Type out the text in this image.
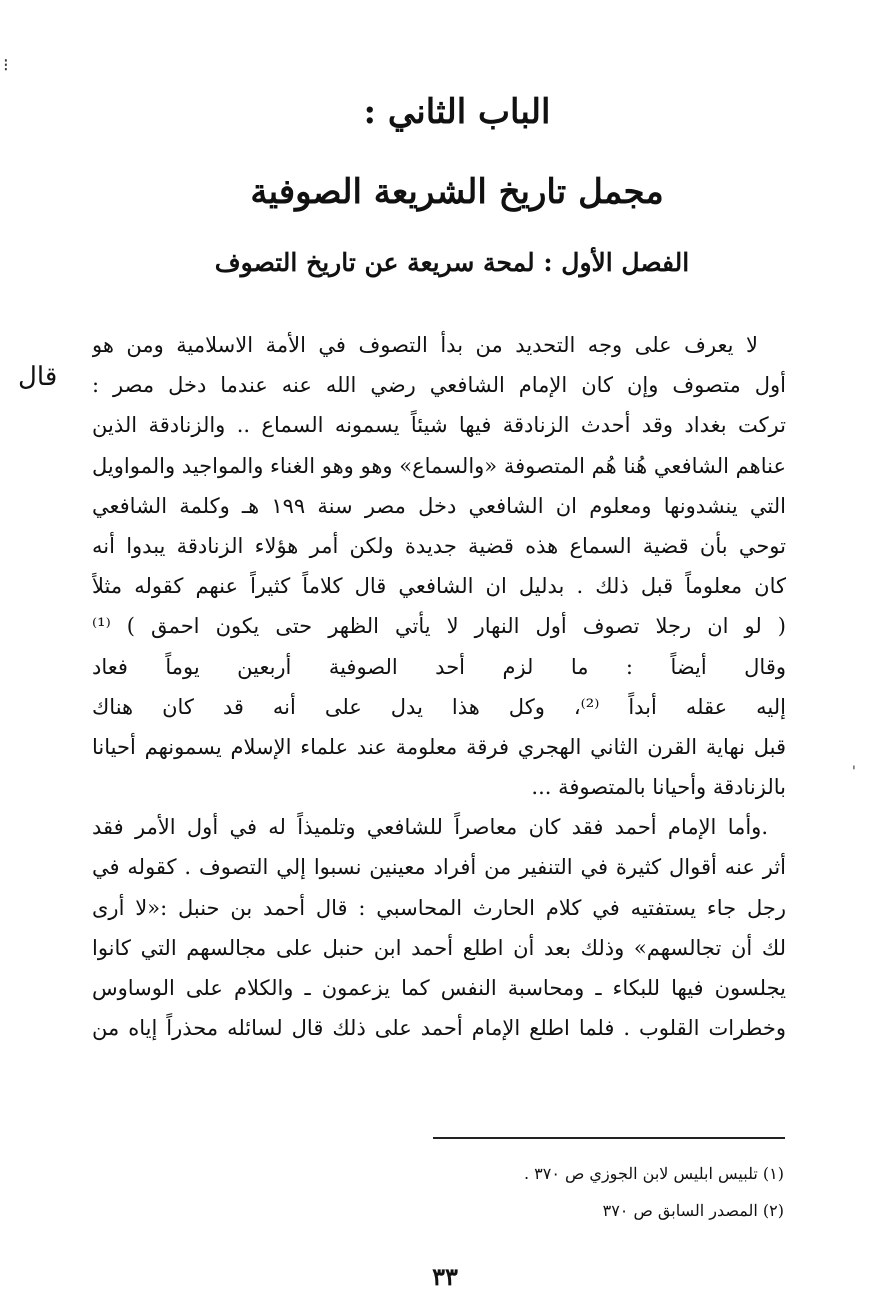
⁝
'
الباب الثاني :
مجمل تاريخ الشريعة الصوفية
الفصل الأول : لمحة سريعة عن تاريخ التصوف
قال
لا يعرف على وجه التحديد من بدأ التصوف في الأمة الاسلامية ومن هو
أول متصوف وإن كان الإمام الشافعي رضي الله عنه عندما دخل مصر :
تركت بغداد وقد أحدث الزنادقة فيها شيئاً يسمونه السماع .. والزنادقة الذين
عناهم الشافعي هُنا هُم المتصوفة «والسماع» وهو وهو الغناء والمواجيد والمواويل
التي ينشدونها ومعلوم ان الشافعي دخل مصر سنة ١٩٩ هـ وكلمة الشافعي
توحي بأن قضية السماع هذه قضية جديدة ولكن أمر هؤلاء الزنادقة يبدوا أنه
كان معلوماً قبل ذلك . بدليل ان الشافعي قال كلاماً كثيراً عنهم كقوله مثلاً
( لو ان رجلا تصوف أول النهار لا يأتي الظهر حتى يكون احمق ) ⁽¹⁾
وقال أيضاً : ما لزم أحد الصوفية أربعين يوماً فعاد
إليه عقله أبداً ⁽²⁾، وكل هذا يدل على أنه قد كان هناك
قبل نهاية القرن الثاني الهجري فرقة معلومة عند علماء الإسلام يسمونهم أحيانا
بالزنادقة وأحيانا بالمتصوفة ...
.وأما الإمام أحمد فقد كان معاصراً للشافعي وتلميذاً له في أول الأمر فقد
أثر عنه أقوال كثيرة في التنفير من أفراد معينين نسبوا إلي التصوف . كقوله في
رجل جاء يستفتيه في كلام الحارث المحاسبي : قال أحمد بن حنبل :«لا أرى
لك أن تجالسهم» وذلك بعد أن اطلع أحمد ابن حنبل على مجالسهم التي كانوا
يجلسون فيها للبكاء ـ ومحاسبة النفس كما يزعمون ـ والكلام على الوساوس
وخطرات القلوب . فلما اطلع الإمام أحمد على ذلك قال لسائله محذراً إياه من
(١) تلبيس ابليس لابن الجوزي ص ٣٧٠ .
(٢) المصدر السابق ص ٣٧٠
٣٣
